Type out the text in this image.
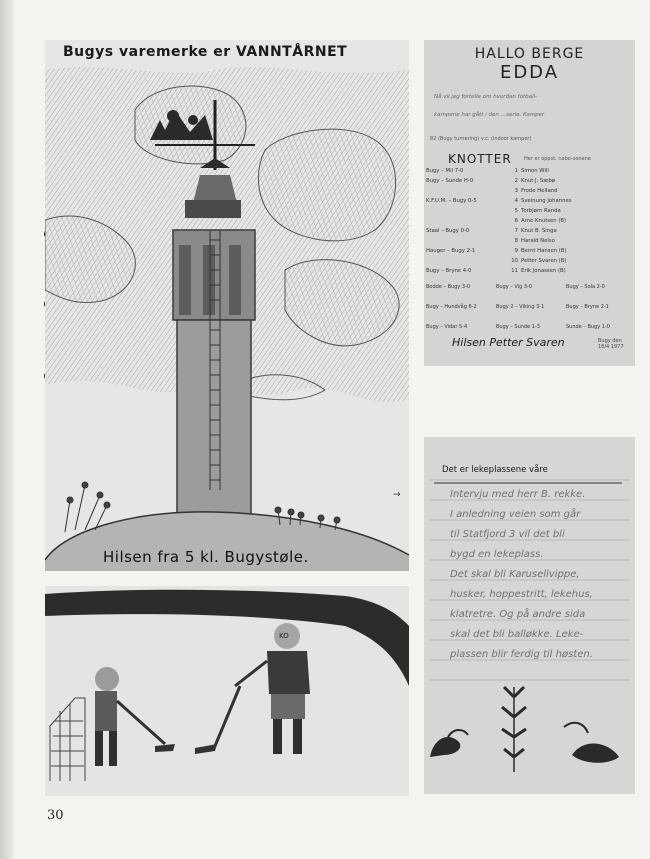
→
Bugys varemerke er VANNTÅRNET
Hilsen fra 5 kl. Bugystøle.
KO
HALLO BERGE
EDDA
Nå vil jeg fortelle om hvordan fotball-
kampene har gått i den …serie. Kamper
82 (Bugy turnering) v.c. (indoor kamper)
KNOTTER Her er oppst. nabo-sonene
Bugy – Mil 7-0	1 Simon Will
Bugy – Sunde H-0	2 Knut J. Sæbø
3 Frode Helland
K.F.U.M. – Bugy 0-5	4 Sveinung Johannes
5 Torbjørn Randa
6 Arne Knutsen (B)
Staal – Bugy 0-0	7 Knut B. Singa
8 Harald Nelso
Hauger – Bugy 2-1	9 Bernt Hansen (B)
10 Petter Svaren (B)
Bugy – Bryne 4-0	11 Erik Jonassen (B)
Bodde – Bugy 3-0	Bugy – Vig 3-0	Bugy – Sola 2-0
Bugy – Hundvåg 6-2	Bugy 2 – Viking 3-1	Bugy – Bryne 2-1
Bugy – Vidar 5-4	Bugy – Sunde 1-3	Sunde – Bugy 1-0
Hilsen Petter Svaren	Bugy den 18/4 1977
Det er lekeplassene våre
Intervju med herr B. rekke.
I anledning veien som går
til Statfjord 3 vil det bli
bygd en lekeplass.
Det skal bli Karusellvippe,
husker, hoppestritt, lekehus,
klatretre. Og på andre sida
skal det bli balløkke. Leke-
plassen blir ferdig til høsten.
30
